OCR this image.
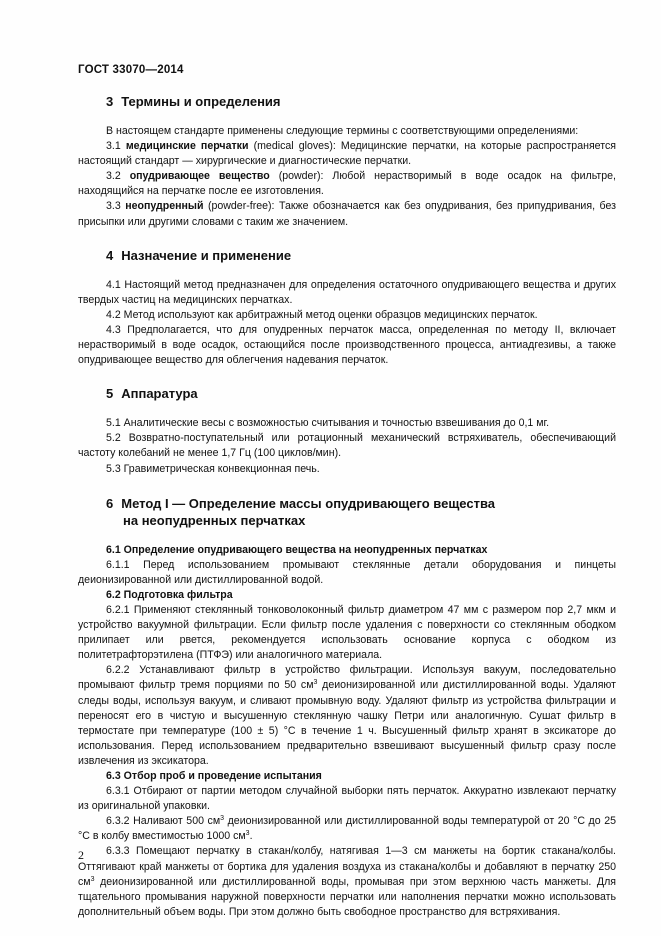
ГОСТ 33070—2014
3 Термины и определения

В настоящем стандарте применены следующие термины с соответствующими определениями:

3.1 медицинские перчатки (medical gloves): Медицинские перчатки, на которые распространяется настоящий стандарт — хирургические и диагностические перчатки.

3.2 опудривающее вещество (powder): Любой нерастворимый в воде осадок на фильтре, находящийся на перчатке после ее изготовления.

3.3 неопудренный (powder-free): Также обозначается как без опудривания, без припудривания, без присыпки или другими словами с таким же значением.

4 Назначение и применение

4.1 Настоящий метод предназначен для определения остаточного опудривающего вещества и других твердых частиц на медицинских перчатках.

4.2 Метод используют как арбитражный метод оценки образцов медицинских перчаток.

4.3 Предполагается, что для опудренных перчаток масса, определенная по методу II, включает нерастворимый в воде осадок, остающийся после производственного процесса, антиадгезивы, а также опудривающее вещество для облегчения надевания перчаток.

5 Аппаратура

5.1 Аналитические весы с возможностью считывания и точностью взвешивания до 0,1 мг.

5.2 Возвратно-поступательный или ротационный механический встряхиватель, обеспечивающий частоту колебаний не менее 1,7 Гц (100 циклов/мин).

5.3 Гравиметрическая конвекционная печь.

6 Метод I — Определение массы опудривающего вещества
на неопудренных перчатках

6.1 Определение опудривающего вещества на неопудренных перчатках

6.1.1 Перед использованием промывают стеклянные детали оборудования и пинцеты деионизированной или дистиллированной водой.

6.2 Подготовка фильтра

6.2.1 Применяют стеклянный тонковолоконный фильтр диаметром 47 мм с размером пор 2,7 мкм и устройство вакуумной фильтрации. Если фильтр после удаления с поверхности со стеклянным ободком прилипает или рвется, рекомендуется использовать основание корпуса с ободком из политетрафторэтилена (ПТФЭ) или аналогичного материала.

6.2.2 Устанавливают фильтр в устройство фильтрации. Используя вакуум, последовательно промывают фильтр тремя порциями по 50 $см^3$ деионизированной или дистиллированной воды. Удаляют следы воды, используя вакуум, и сливают промывную воду. Удаляют фильтр из устройства фильтрации и переносят его в чистую и высушенную стеклянную чашку Петри или аналогичную. Сушат фильтр в термостате при температуре (100 ± 5) °С в течение 1 ч. Высушенный фильтр хранят в эксикаторе до использования. Перед использованием предварительно взвешивают высушенный фильтр сразу после извлечения из эксикатора.

6.3 Отбор проб и проведение испытания

6.3.1 Отбирают от партии методом случайной выборки пять перчаток. Аккуратно извлекают перчатку из оригинальной упаковки.

6.3.2 Наливают 500 $см^3$ деионизированной или дистиллированной воды температурой от 20 °С до 25 °С в колбу вместимостью 1000 $см^3$.

6.3.3 Помещают перчатку в стакан/колбу, натягивая 1—3 см манжеты на бортик стакана/колбы. Оттягивают край манжеты от бортика для удаления воздуха из стакана/колбы и добавляют в перчатку 250 $см^3$ деионизированной или дистиллированной воды, промывая при этом верхнюю часть манжеты. Для тщательного промывания наружной поверхности перчатки или наполнения перчатки можно использовать дополнительный объем воды. При этом должно быть свободное пространство для встряхивания.

2
